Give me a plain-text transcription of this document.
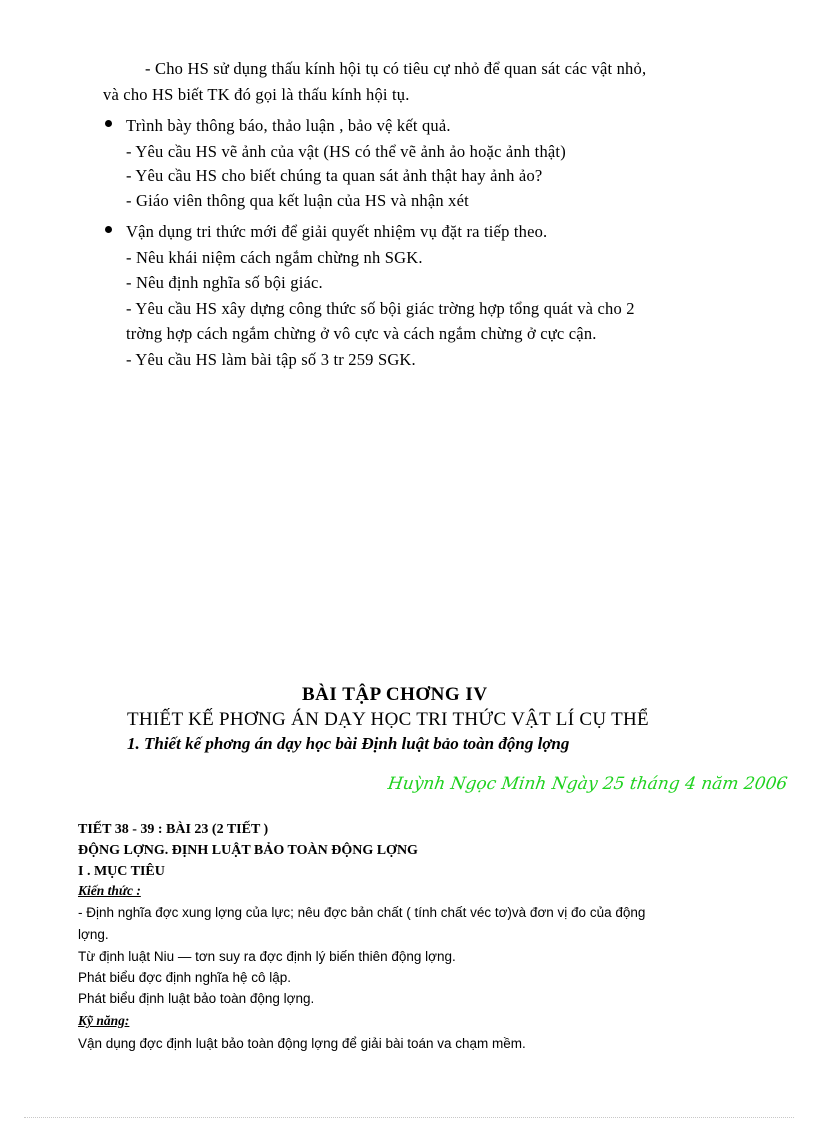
- Cho HS sử dụng thấu kính hội tụ có tiêu cự nhỏ để quan sát các vật nhỏ,
và cho HS biết TK đó gọi là thấu kính hội tụ.
Trình bày thông báo, thảo luận , bảo vệ kết quả.
- Yêu cầu HS vẽ ảnh của vật (HS có thể vẽ ảnh ảo hoặc ảnh thật)
- Yêu cầu HS cho biết chúng ta quan sát ảnh thật hay ảnh ảo?
- Giáo viên thông qua kết luận của HS và nhận xét
Vận dụng tri thức mới để giải quyết nhiệm vụ đặt ra tiếp theo.
- Nêu khái niệm cách ngắm chừng nh SGK.
- Nêu định nghĩa số bội giác.
- Yêu cầu HS xây dựng công thức số bội giác trờng hợp tổng quát và cho 2
trờng hợp cách ngắm chừng ở vô cực và cách ngắm chừng ở cực cận.
- Yêu cầu HS làm bài tập số 3 tr 259 SGK.
BÀI TẬP CHƠNG IV
THIẾT KẾ PHƠNG ÁN DẠY HỌC TRI THỨC VẬT LÍ CỤ THỂ
1. Thiết kế phơng án dạy học bài Định luật bảo toàn động lợng
Huỳnh Ngọc Minh Ngày 25 tháng 4 năm 2006
TIẾT 38 - 39 : BÀI 23 (2 TIẾT )
ĐỘNG LỢNG. ĐỊNH LUẬT BẢO TOÀN ĐỘNG LỢNG
I . MỤC TIÊU
Kiến thức :
- Định nghĩa đợc xung lợng của lực; nêu đợc bản chất ( tính chất véc tơ)và đơn vị đo của động
lợng.
Từ định luật Niu — tơn suy ra đợc định lý biến thiên động lợng.
Phát biểu đợc định nghĩa hệ cô lập.
Phát biểu định luật bảo toàn động lợng.
Kỹ năng:
Vận dụng đợc định luật bảo toàn động lợng để giải bài toán va chạm mềm.
